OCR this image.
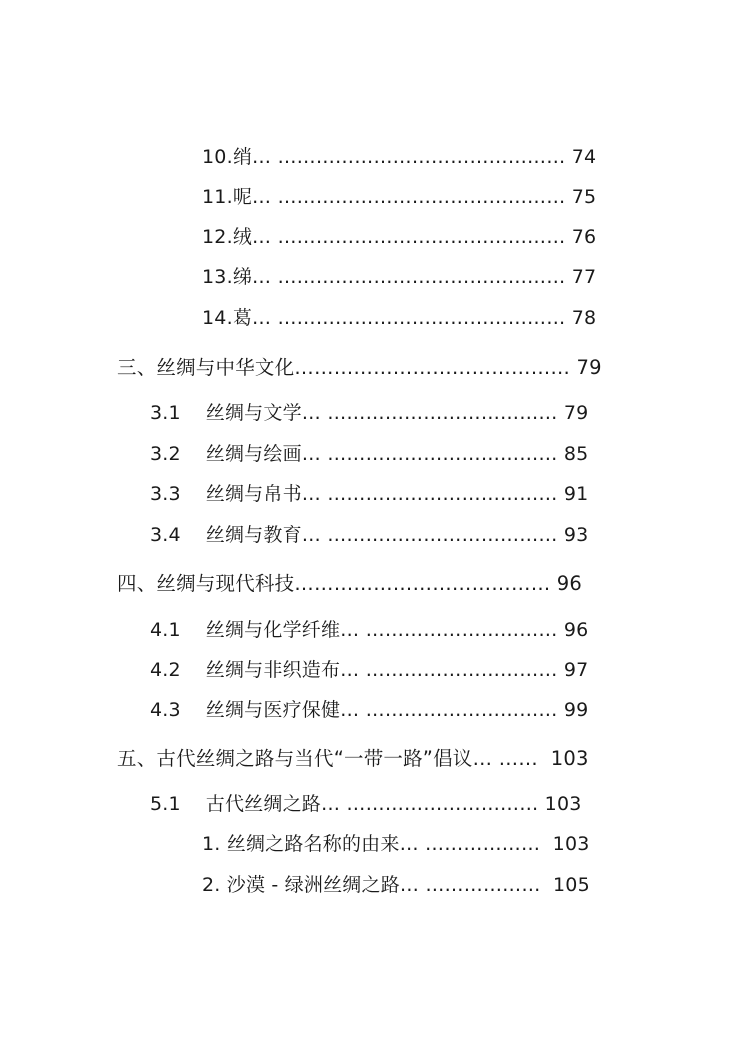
10.绡… ……………………………………… 74
11.呢… ……………………………………… 75
12.绒… ……………………………………… 76
13.绨… ……………………………………… 77
14.葛… ……………………………………… 78
三、丝绸与中华文化…………………………………… 79
3.1    丝绸与文学… ……………………………… 79
3.2    丝绸与绘画… ……………………………… 85
3.3    丝绸与帛书… ……………………………… 91
3.4    丝绸与教育… ……………………………… 93
四、丝绸与现代科技………………………………… 96
4.1    丝绸与化学纤维… ………………………… 96
4.2    丝绸与非织造布… ………………………… 97
4.3    丝绸与医疗保健… ………………………… 99
五、古代丝绸之路与当代“一带一路”倡议… ……  103
5.1    古代丝绸之路… ………………………… 103
1. 丝绸之路名称的由来… ………………  103
2. 沙漠 - 绿洲丝绸之路… ………………  105
